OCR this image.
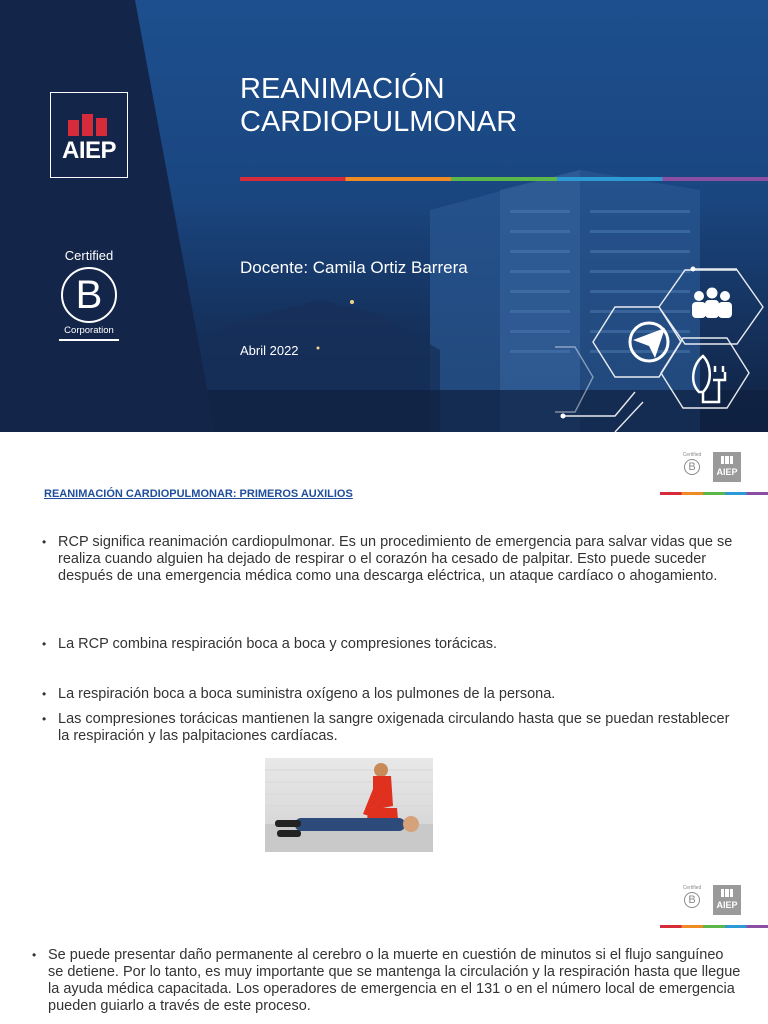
AIEP
Certified
B
Corporation
REANIMACIÓN
CARDIOPULMONAR
Docente: Camila Ortiz Barrera
Abril 2022
Certified
B	AIEP
REANIMACIÓN CARDIOPULMONAR: PRIMEROS AUXILIOS
• RCP significa reanimación cardiopulmonar. Es un procedimiento de emergencia para salvar vidas que se realiza cuando alguien ha dejado de respirar o el corazón ha cesado de palpitar. Esto puede suceder después de una emergencia médica como una descarga eléctrica, un ataque cardíaco o ahogamiento.
• La RCP combina respiración boca a boca y compresiones torácicas.
• La respiración boca a boca suministra oxígeno a los pulmones de la persona.
• Las compresiones torácicas mantienen la sangre oxigenada circulando hasta que se puedan restablecer la respiración y las palpitaciones cardíacas.
Certified
B	AIEP
• Se puede presentar daño permanente al cerebro o la muerte en cuestión de minutos si el flujo sanguíneo se detiene. Por lo tanto, es muy importante que se mantenga la circulación y la respiración hasta que llegue la ayuda médica capacitada. Los operadores de emergencia en el 131 o en el número local de emergencia pueden guiarlo a través de este proceso.
